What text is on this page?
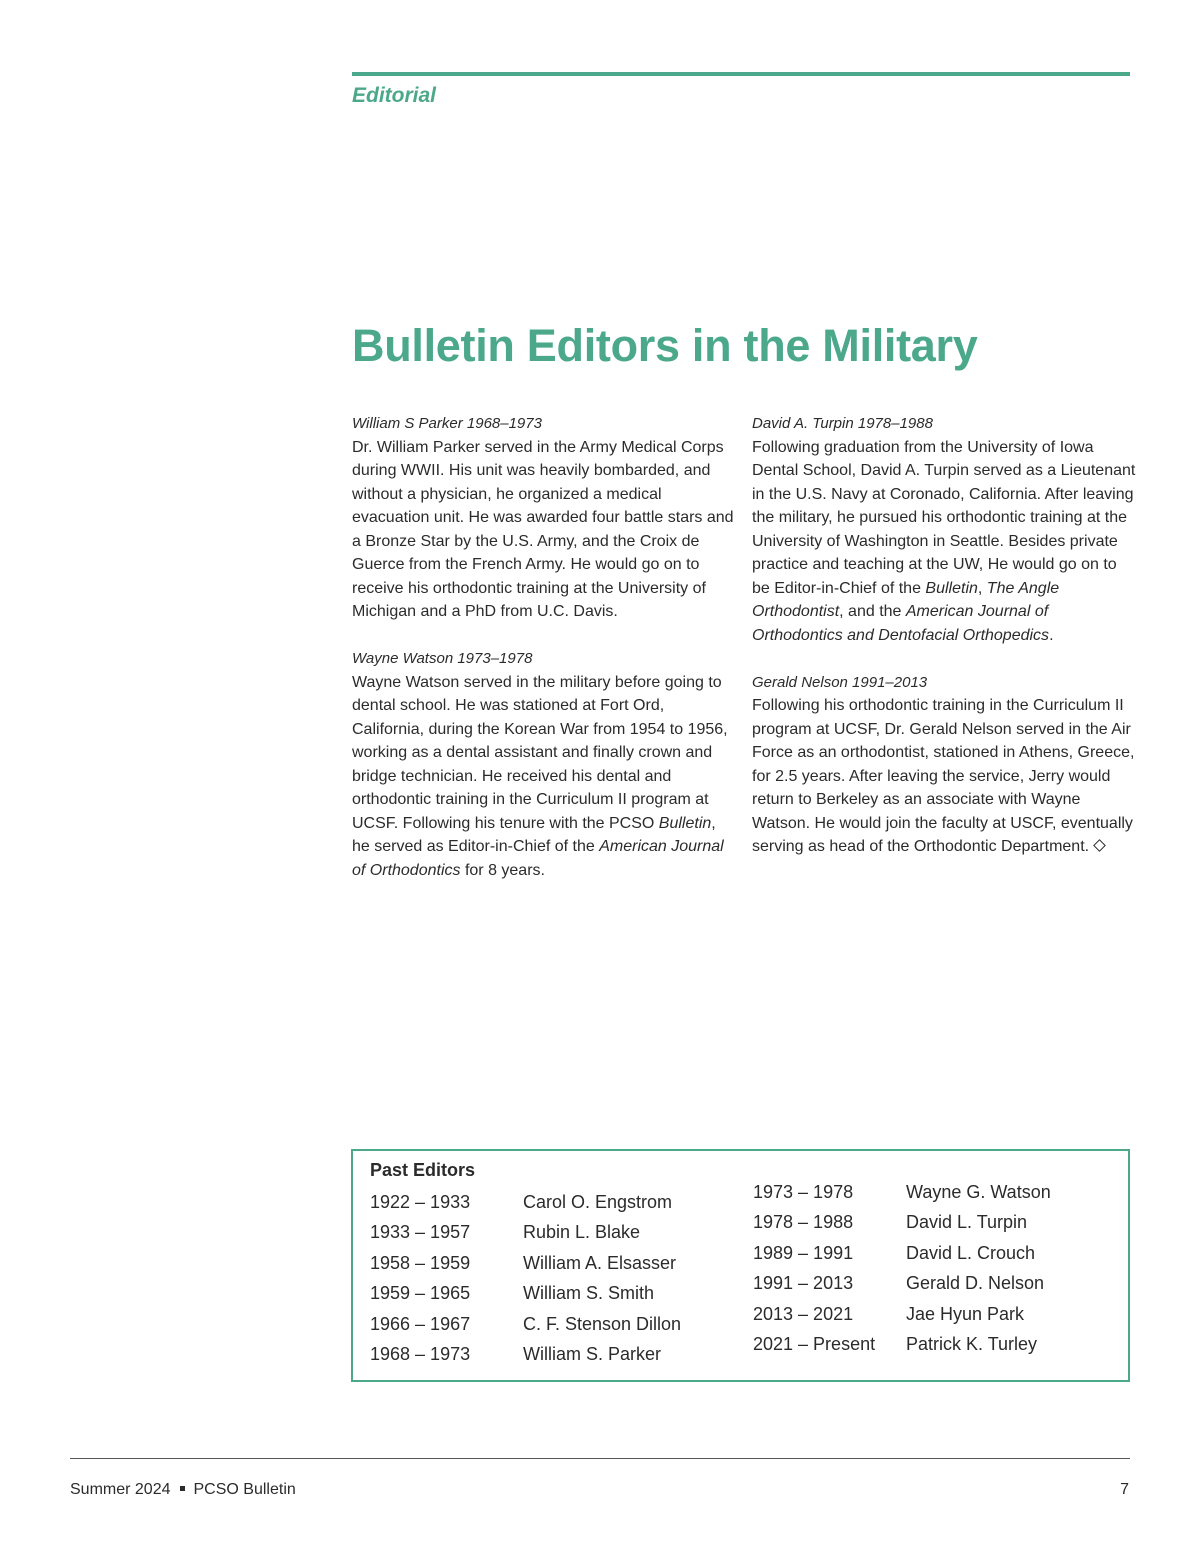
Editorial
Bulletin Editors in the Military
William S Parker 1968–1973

Dr. William Parker served in the Army Medical Corps during WWII. His unit was heavily bombarded, and without a physician, he organized a medical evacuation unit. He was awarded four battle stars and a Bronze Star by the U.S. Army, and the Croix de Guerce from the French Army. He would go on to receive his orthodontic training at the University of Michigan and a PhD from U.C. Davis.

Wayne Watson 1973–1978

Wayne Watson served in the military before going to dental school. He was stationed at Fort Ord, California, during the Korean War from 1954 to 1956, working as a dental assistant and finally crown and bridge technician. He received his dental and orthodontic training in the Curriculum II program at UCSF. Following his tenure with the PCSO Bulletin, he served as Editor-in-Chief of the American Journal of Orthodontics for 8 years.

David A. Turpin 1978–1988

Following graduation from the University of Iowa Dental School, David A. Turpin served as a Lieutenant in the U.S. Navy at Coronado, California. After leaving the military, he pursued his orthodontic training at the University of Washington in Seattle. Besides private practice and teaching at the UW, He would go on to be Editor-in-Chief of the Bulletin, The Angle Orthodontist, and the American Journal of Orthodontics and Dentofacial Orthopedics.

Gerald Nelson 1991–2013

Following his orthodontic training in the Curriculum II program at UCSF, Dr. Gerald Nelson served in the Air Force as an orthodontist, stationed in Athens, Greece, for 2.5 years. After leaving the service, Jerry would return to Berkeley as an associate with Wayne Watson. He would join the faculty at USCF, eventually serving as head of the Orthodontic Department.

Past Editors
1922 – 1933	Carol O. Engstrom
1933 – 1957	Rubin L. Blake
1958 – 1959	William A. Elsasser
1959 – 1965	William S. Smith
1966 – 1967	C. F. Stenson Dillon
1968 – 1973	William S. Parker
1973 – 1978	Wayne G. Watson
1978 – 1988	David L. Turpin
1989 – 1991	David L. Crouch
1991 – 2013	Gerald D. Nelson
2013 – 2021	Jae Hyun Park
2021 – Present Patrick K. Turley
Summer 2024 PCSO Bulletin	7
